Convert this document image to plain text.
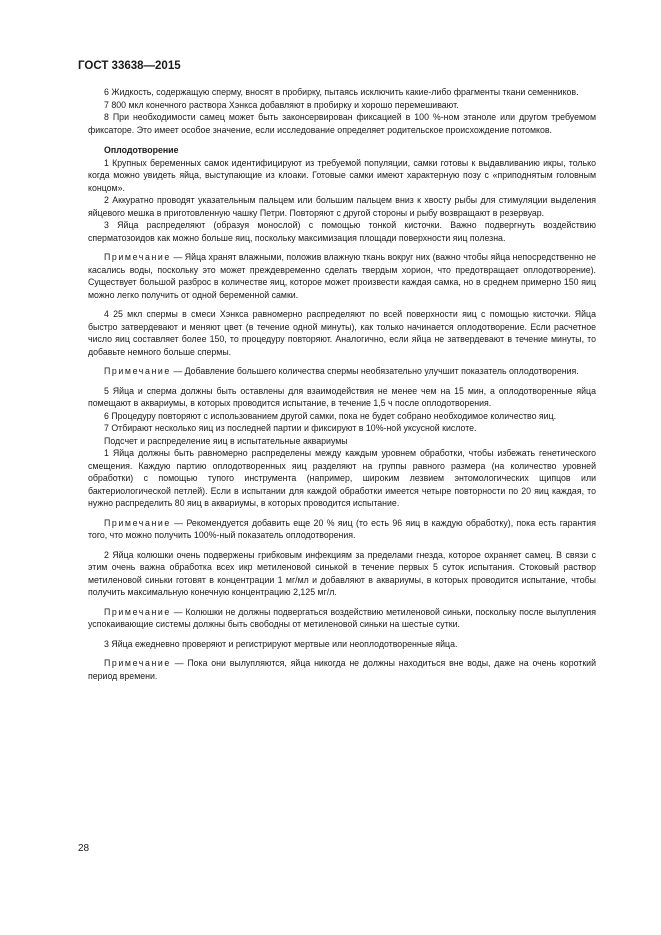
ГОСТ 33638—2015

6 Жидкость, содержащую сперму, вносят в пробирку, пытаясь исключить какие-либо фрагменты ткани семенников.

7 800 мкл конечного раствора Хэнкса добавляют в пробирку и хорошо перемешивают.

8 При необходимости самец может быть законсервирован фиксацией в 100 %-ном этаноле или другом требуемом фиксаторе. Это имеет особое значение, если исследование определяет родительское происхождение потомков.

Оплодотворение

1 Крупных беременных самок идентифицируют из требуемой популяции, самки готовы к выдавливанию икры, только когда можно увидеть яйца, выступающие из клоаки. Готовые самки имеют характерную позу с «приподнятым головным концом».

2 Аккуратно проводят указательным пальцем или большим пальцем вниз к хвосту рыбы для стимуляции выделения яйцевого мешка в приготовленную чашку Петри. Повторяют с другой стороны и рыбу возвращают в резервуар.

3 Яйца распределяют (образуя монослой) с помощью тонкой кисточки. Важно подвергнуть воздействию сперматозоидов как можно больше яиц, поскольку максимизация площади поверхности яиц полезна.

Примечание — Яйца хранят влажными, положив влажную ткань вокруг них (важно чтобы яйца непосредственно не касались воды, поскольку это может преждевременно сделать твердым хорион, что предотвращает оплодотворение). Существует большой разброс в количестве яиц, которое может произвести каждая самка, но в среднем примерно 150 яиц можно легко получить от одной беременной самки.

4 25 мкл спермы в смеси Хэнкса равномерно распределяют по всей поверхности яиц с помощью кисточки. Яйца быстро затвердевают и меняют цвет (в течение одной минуты), как только начинается оплодотворение. Если расчетное число яиц составляет более 150, то процедуру повторяют. Аналогично, если яйца не затвердевают в течение минуты, то добавьте немного больше спермы.

Примечание — Добавление большего количества спермы необязательно улучшит показатель оплодотворения.

5 Яйца и сперма должны быть оставлены для взаимодействия не менее чем на 15 мин, а оплодотворенные яйца помещают в аквариумы, в которых проводится испытание, в течение 1,5 ч после оплодотворения.

6 Процедуру повторяют с использованием другой самки, пока не будет собрано необходимое количество яиц.

7 Отбирают несколько яиц из последней партии и фиксируют в 10%-ной уксусной кислоте.

Подсчет и распределение яиц в испытательные аквариумы

1 Яйца должны быть равномерно распределены между каждым уровнем обработки, чтобы избежать генетического смещения. Каждую партию оплодотворенных яиц разделяют на группы равного размера (на количество уровней обработки) с помощью тупого инструмента (например, широким лезвием энтомологических щипцов или бактериологической петлей). Если в испытании для каждой обработки имеется четыре повторности по 20 яиц каждая, то нужно распределить 80 яиц в аквариумы, в которых проводится испытание.

Примечание — Рекомендуется добавить еще 20 % яиц (то есть 96 яиц в каждую обработку), пока есть гарантия того, что можно получить 100%-ный показатель оплодотворения.

2 Яйца колюшки очень подвержены грибковым инфекциям за пределами гнезда, которое охраняет самец. В связи с этим очень важна обработка всех икр метиленовой синькой в течение первых 5 суток испытания. Стоковый раствор метиленовой синьки готовят в концентрации 1 мг/мл и добавляют в аквариумы, в которых проводится испытание, чтобы получить максимальную конечную концентрацию 2,125 мг/л.

Примечание — Колюшки не должны подвергаться воздействию метиленовой синьки, поскольку после вылупления успокаивающие системы должны быть свободны от метиленовой синьки на шестые сутки.

3 Яйца ежедневно проверяют и регистрируют мертвые или неоплодотворенные яйца.

Примечание — Пока они вылупляются, яйца никогда не должны находиться вне воды, даже на очень короткий период времени.

28
